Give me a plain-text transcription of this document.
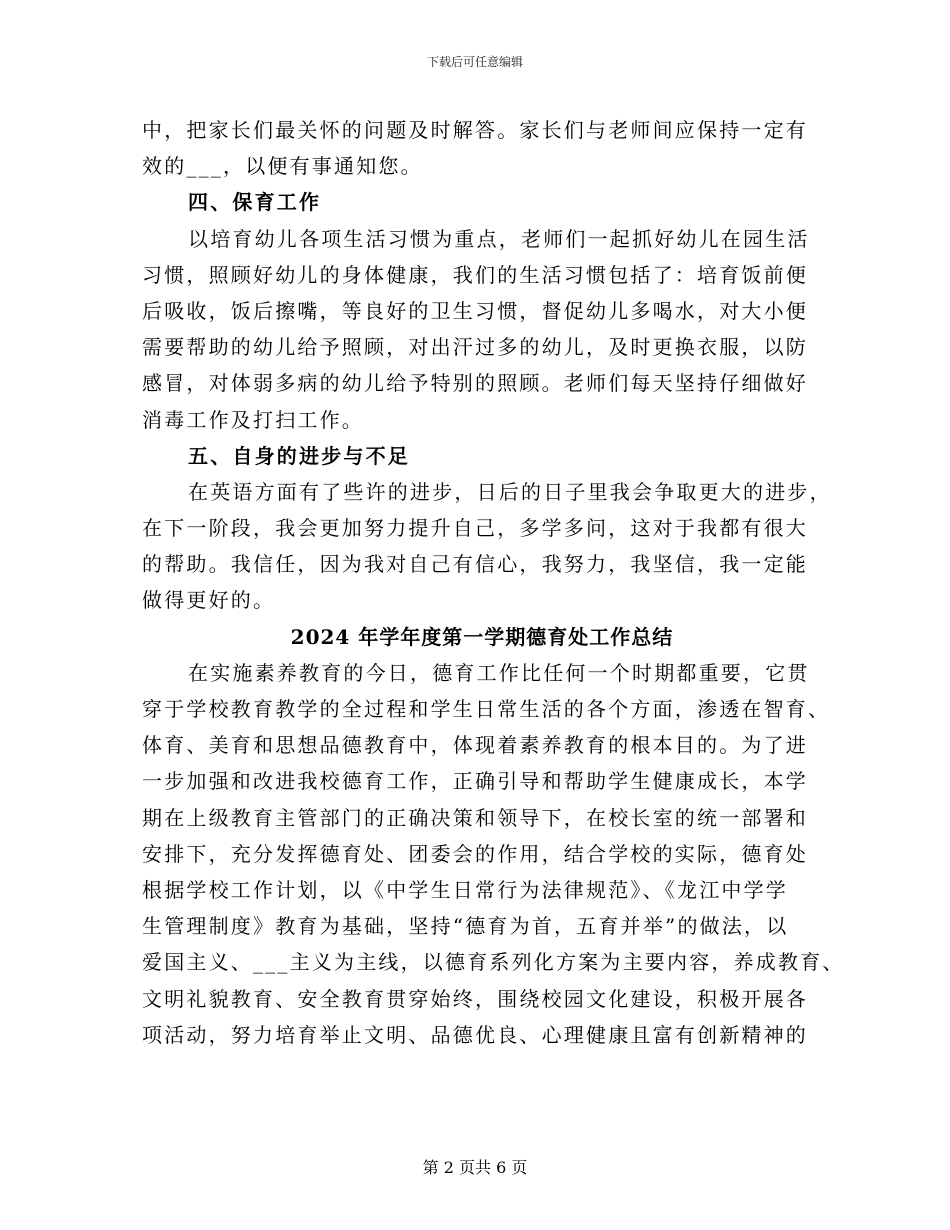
下载后可任意编辑
中，把家长们最关怀的问题及时解答。家长们与老师间应保持一定有
效的___，以便有事通知您。
四、保育工作
以培育幼儿各项生活习惯为重点，老师们一起抓好幼儿在园生活
习惯，照顾好幼儿的身体健康，我们的生活习惯包括了：培育饭前便
后吸收，饭后擦嘴，等良好的卫生习惯，督促幼儿多喝水，对大小便
需要帮助的幼儿给予照顾，对出汗过多的幼儿，及时更换衣服，以防
感冒，对体弱多病的幼儿给予特别的照顾。老师们每天坚持仔细做好
消毒工作及打扫工作。
五、自身的进步与不足
在英语方面有了些许的进步，日后的日子里我会争取更大的进步，
在下一阶段，我会更加努力提升自己，多学多问，这对于我都有很大
的帮助。我信任，因为我对自己有信心，我努力，我坚信，我一定能
做得更好的。
2024 年学年度第一学期德育处工作总结
在实施素养教育的今日，德育工作比任何一个时期都重要，它贯
穿于学校教育教学的全过程和学生日常生活的各个方面，渗透在智育、
体育、美育和思想品德教育中，体现着素养教育的根本目的。为了进
一步加强和改进我校德育工作，正确引导和帮助学生健康成长，本学
期在上级教育主管部门的正确决策和领导下，在校长室的统一部署和
安排下，充分发挥德育处、团委会的作用，结合学校的实际，德育处
根据学校工作计划，以《中学生日常行为法律规范》、《龙江中学学
生管理制度》教育为基础，坚持“德育为首，五育并举”的做法，以
爱国主义、___主义为主线，以德育系列化方案为主要内容，养成教育、
文明礼貌教育、安全教育贯穿始终，围绕校园文化建设，积极开展各
项活动，努力培育举止文明、品德优良、心理健康且富有创新精神的
第 2 页共 6 页
